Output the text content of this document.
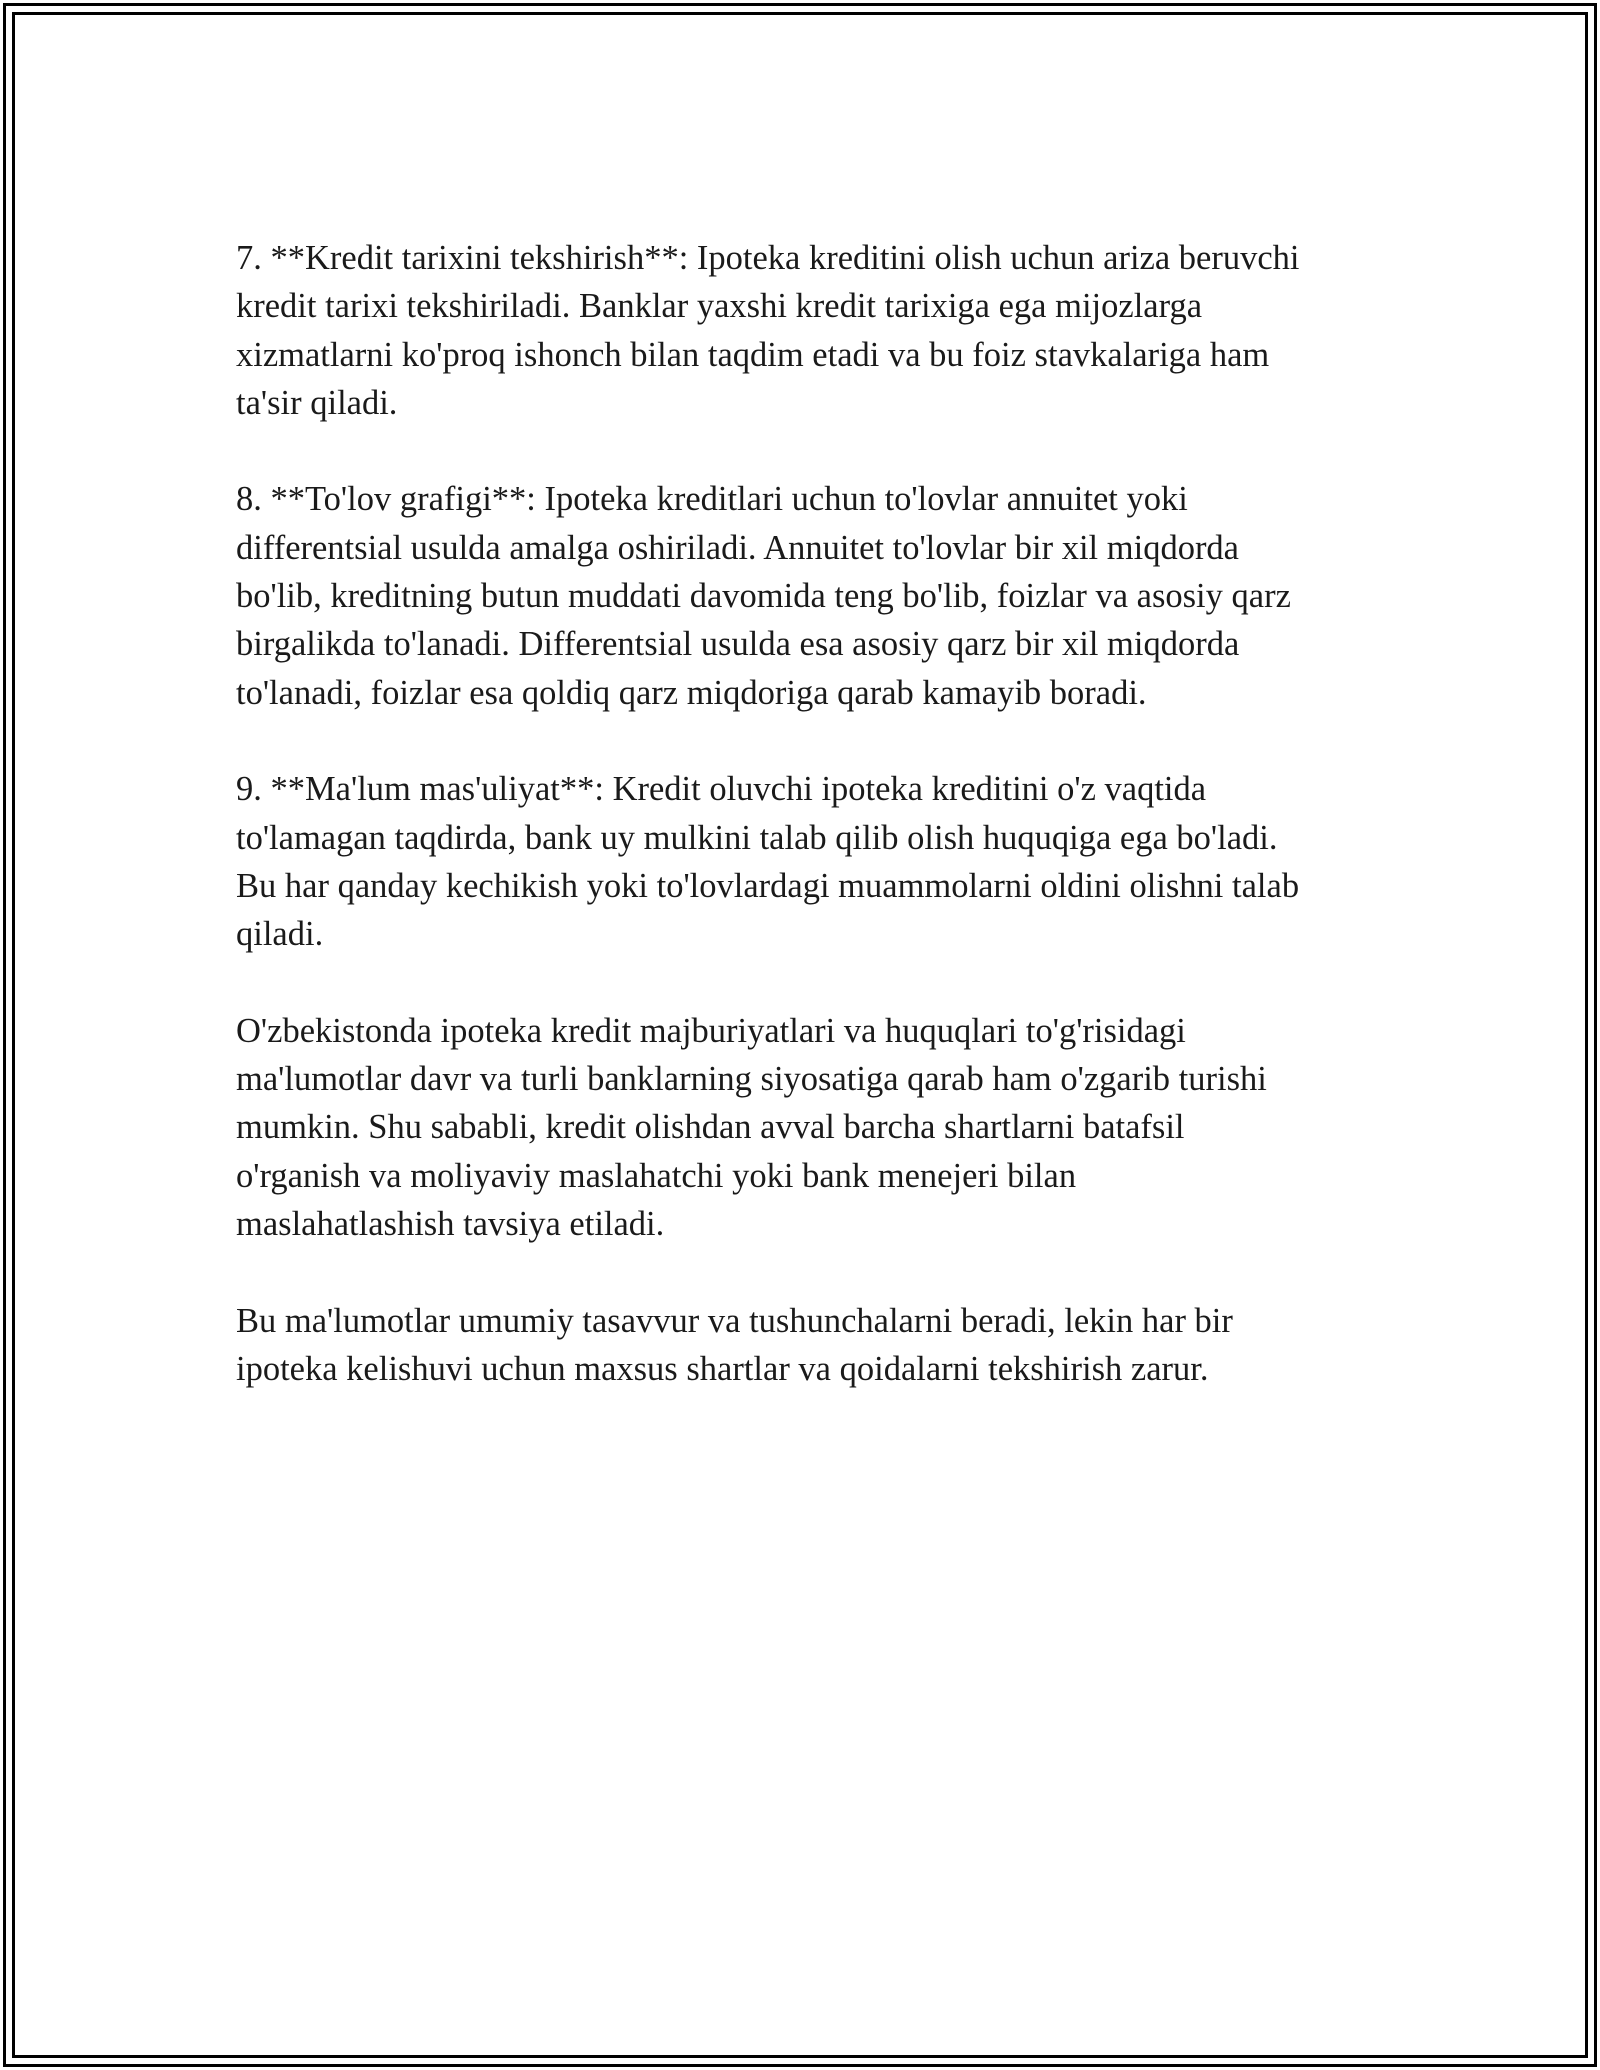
7. **Kredit tarixini tekshirish**: Ipoteka kreditini olish uchun ariza beruvchi
kredit tarixi tekshiriladi. Banklar yaxshi kredit tarixiga ega mijozlarga
xizmatlarni ko'proq ishonch bilan taqdim etadi va bu foiz stavkalariga ham
ta'sir qiladi.

8. **To'lov grafigi**: Ipoteka kreditlari uchun to'lovlar annuitet yoki
differentsial usulda amalga oshiriladi. Annuitet to'lovlar bir xil miqdorda
bo'lib, kreditning butun muddati davomida teng bo'lib, foizlar va asosiy qarz
birgalikda to'lanadi. Differentsial usulda esa asosiy qarz bir xil miqdorda
to'lanadi, foizlar esa qoldiq qarz miqdoriga qarab kamayib boradi.

9. **Ma'lum mas'uliyat**: Kredit oluvchi ipoteka kreditini o'z vaqtida
to'lamagan taqdirda, bank uy mulkini talab qilib olish huquqiga ega bo'ladi.
Bu har qanday kechikish yoki to'lovlardagi muammolarni oldini olishni talab
qiladi.

O'zbekistonda ipoteka kredit majburiyatlari va huquqlari to'g'risidagi
ma'lumotlar davr va turli banklarning siyosatiga qarab ham o'zgarib turishi
mumkin. Shu sababli, kredit olishdan avval barcha shartlarni batafsil
o'rganish va moliyaviy maslahatchi yoki bank menejeri bilan
maslahatlashish tavsiya etiladi.

Bu ma'lumotlar umumiy tasavvur va tushunchalarni beradi, lekin har bir
ipoteka kelishuvi uchun maxsus shartlar va qoidalarni tekshirish zarur.
